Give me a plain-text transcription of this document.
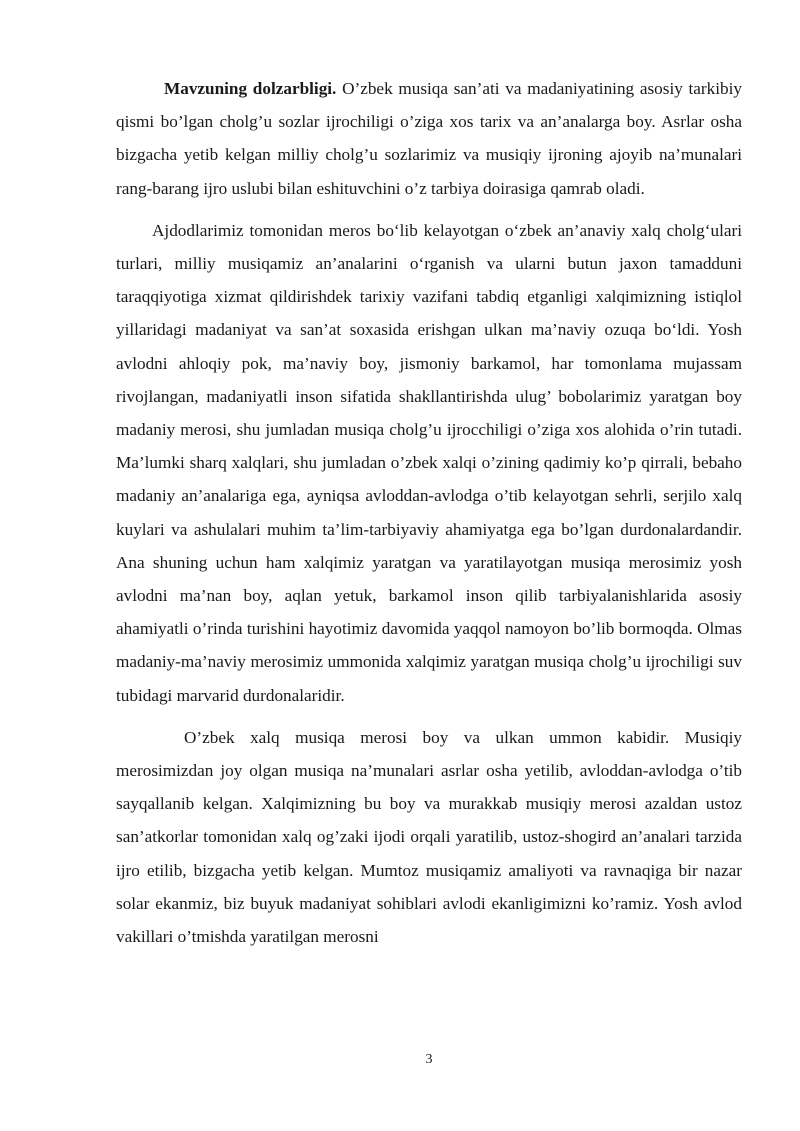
Mavzuning dolzarbligi. O’zbek musiqa san’ati va madaniyatining asosiy tarkibiy qismi bo’lgan cholg’u sozlar ijrochiligi o’ziga xos tarix va an’analarga boy. Asrlar osha bizgacha yetib kelgan milliy cholg’u sozlarimiz va musiqiy ijroning ajoyib na’munalari rang-barang ijro uslubi bilan eshituvchini o’z tarbiya doirasiga qamrab oladi.

Ajdodlarimiz tomonidan meros bo‘lib kelayotgan o‘zbek an’anaviy xalq cholg‘ulari turlari, milliy musiqamiz an’analarini o‘rganish va ularni butun jaxon tamadduni taraqqiyotiga xizmat qildirishdek tarixiy vazifani tabdiq etganligi xalqimizning istiqlol yillaridagi madaniyat va san’at soxasida erishgan ulkan ma’naviy ozuqa bo‘ldi. Yosh avlodni ahloqiy pok, ma’naviy boy, jismoniy barkamol, har tomonlama mujassam rivojlangan, madaniyatli inson sifatida shakllantirishda ulug’ bobolarimiz yaratgan boy madaniy merosi, shu jumladan musiqa cholg’u ijrocchiligi o’ziga xos alohida o’rin tutadi. Ma’lumki sharq xalqlari, shu jumladan o’zbek xalqi o’zining qadimiy ko’p qirrali, bebaho madaniy an’analariga ega, ayniqsa avloddan-avlodga o’tib kelayotgan sehrli, serjilo xalq kuylari va ashulalari muhim ta’lim-tarbiyaviy ahamiyatga ega bo’lgan durdonalardandir. Ana shuning uchun ham xalqimiz yaratgan va yaratilayotgan musiqa merosimiz yosh avlodni ma’nan boy, aqlan yetuk, barkamol inson qilib tarbiyalanishlarida asosiy ahamiyatli o’rinda turishini hayotimiz davomida yaqqol namoyon bo’lib bormoqda. Olmas madaniy-ma’naviy merosimiz ummonida xalqimiz yaratgan musiqa cholg’u ijrochiligi suv tubidagi marvarid durdonalaridir.

O’zbek xalq musiqa merosi boy va ulkan ummon kabidir. Musiqiy merosimizdan joy olgan musiqa na’munalari asrlar osha yetilib, avloddan-avlodga o’tib sayqallanib kelgan. Xalqimizning bu boy va murakkab musiqiy merosi azaldan ustoz san’atkorlar tomonidan xalq og’zaki ijodi orqali yaratilib, ustoz-shogird an’analari tarzida ijro etilib, bizgacha yetib kelgan. Mumtoz musiqamiz amaliyoti va ravnaqiga bir nazar solar ekanmiz, biz buyuk madaniyat sohiblari avlodi ekanligimizni ko’ramiz. Yosh avlod vakillari o’tmishda yaratilgan merosni

3
